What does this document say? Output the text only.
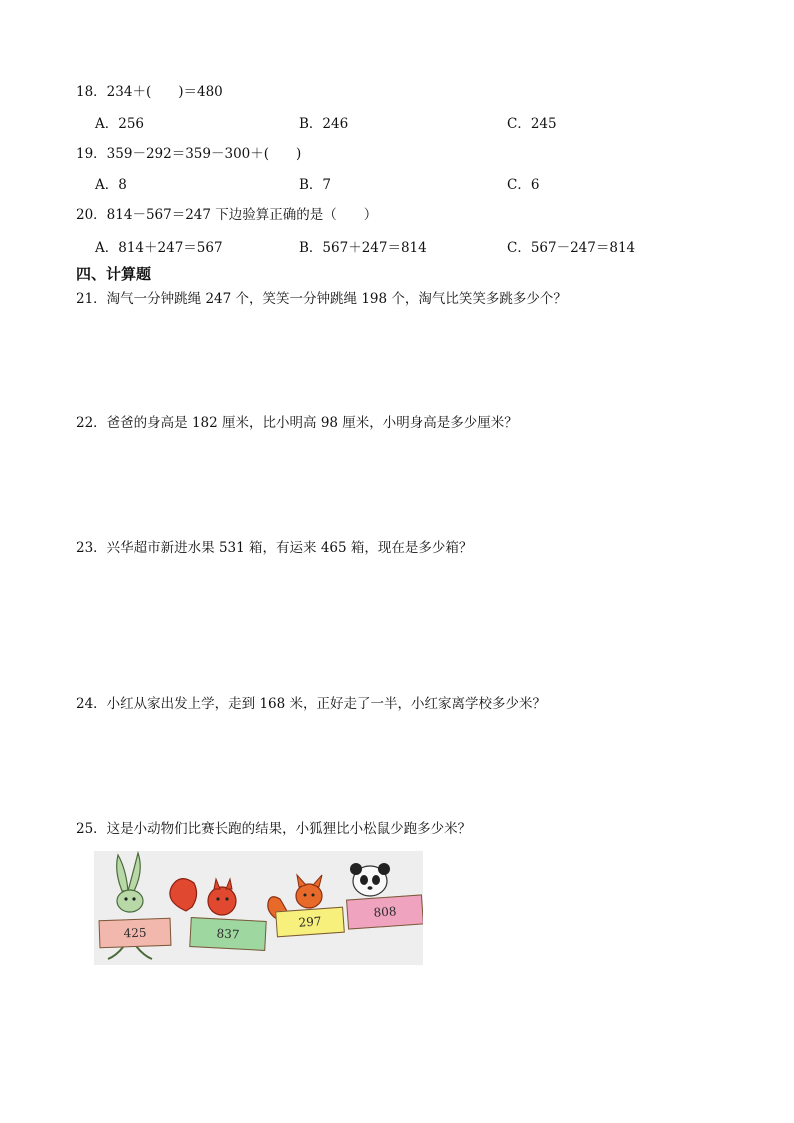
18．234＋(　　)＝480
A．256	B．246	C．245
19．359－292＝359－300＋(　　)
A．8	B．7	C．6
20．814－567＝247 下边验算正确的是（　　）
A．814＋247＝567	B．567＋247＝814	C．567－247＝814
四、计算题
21．淘气一分钟跳绳 247 个，笑笑一分钟跳绳 198 个，淘气比笑笑多跳多少个？
22．爸爸的身高是 182 厘米，比小明高 98 厘米，小明身高是多少厘米？
23．兴华超市新进水果 531 箱，有运来 465 箱，现在是多少箱？
24．小红从家出发上学，走到 168 米，正好走了一半，小红家离学校多少米？
25．这是小动物们比赛长跑的结果，小狐狸比小松鼠少跑多少米？
425	837
297
808
